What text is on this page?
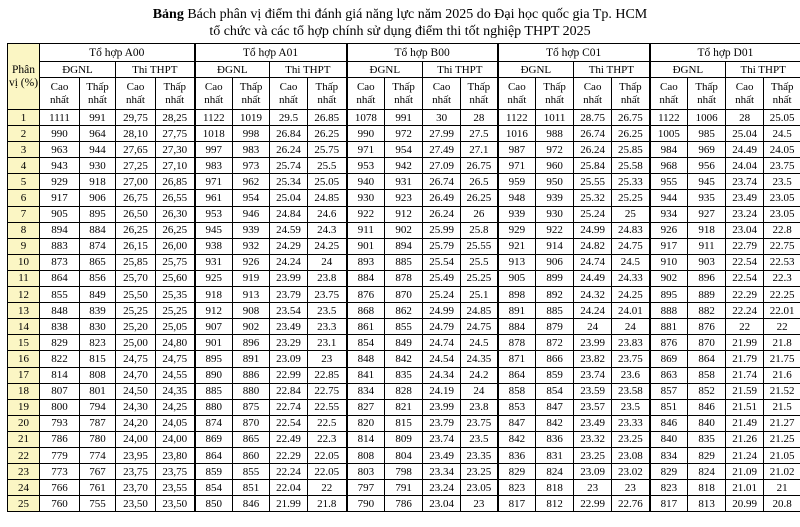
Bảng Bách phân vị điểm thi đánh giá năng lực năm 2025 do Đại học quốc gia Tp. HCM
tổ chức và các tổ hợp chính sử dụng điểm thi tốt nghiệp THPT 2025
Phân vị (%)	Tổ hợp A00				Tổ hợp A01				Tổ hợp B00				Tổ hợp C01				Tổ hợp D01			
	ĐGNL		Thi THPT		ĐGNL		Thi THPT		ĐGNL		Thi THPT		ĐGNL		Thi THPT		ĐGNL		Thi THPT	
	Cao nhất	Thấp nhất	Cao nhất	Thấp nhất	Cao nhất	Thấp nhất	Cao nhất	Thấp nhất	Cao nhất	Thấp nhất	Cao nhất	Thấp nhất	Cao nhất	Thấp nhất	Cao nhất	Thấp nhất	Cao nhất	Thấp nhất	Cao nhất	Thấp nhất
1	1111	991	29,75	28,25	1122	1019	29.5	26.85	1078	991	30	28	1122	1011	28.75	26.75	1122	1006	28	25.05
2	990	964	28,10	27,75	1018	998	26.84	26.25	990	972	27.99	27.5	1016	988	26.74	26.25	1005	985	25.04	24.5
3	963	944	27,65	27,30	997	983	26.24	25.75	971	954	27.49	27.1	987	972	26.24	25.85	984	969	24.49	24.05
4	943	930	27,25	27,10	983	973	25.74	25.5	953	942	27.09	26.75	971	960	25.84	25.58	968	956	24.04	23.75
5	929	918	27,00	26,85	971	962	25.34	25.05	940	931	26.74	26.5	959	950	25.55	25.33	955	945	23.74	23.5
6	917	906	26,75	26,55	961	954	25.04	24.85	930	923	26.49	26.25	948	939	25.32	25.25	944	935	23.49	23.05
7	905	895	26,50	26,30	953	946	24.84	24.6	922	912	26.24	26	939	930	25.24	25	934	927	23.24	23.05
8	894	884	26,25	26,25	945	939	24.59	24.3	911	902	25.99	25.8	929	922	24.99	24.83	926	918	23.04	22.8
9	883	874	26,15	26,00	938	932	24.29	24.25	901	894	25.79	25.55	921	914	24.82	24.75	917	911	22.79	22.75
10	873	865	25,85	25,75	931	926	24.24	24	893	885	25.54	25.5	913	906	24.74	24.5	910	903	22.54	22.53
11	864	856	25,70	25,60	925	919	23.99	23.8	884	878	25.49	25.25	905	899	24.49	24.33	902	896	22.54	22.3
12	855	849	25,50	25,35	918	913	23.79	23.75	876	870	25.24	25.1	898	892	24.32	24.25	895	889	22.29	22.25
13	848	839	25,25	25,25	912	908	23.54	23.5	868	862	24.99	24.85	891	885	24.24	24.01	888	882	22.24	22.01
14	838	830	25,20	25,05	907	902	23.49	23.3	861	855	24.79	24.75	884	879	24	24	881	876	22	22
15	829	823	25,00	24,80	901	896	23.29	23.1	854	849	24.74	24.5	878	872	23.99	23.83	876	870	21.99	21.8
16	822	815	24,75	24,75	895	891	23.09	23	848	842	24.54	24.35	871	866	23.82	23.75	869	864	21.79	21.75
17	814	808	24,70	24,55	890	886	22.99	22.85	841	835	24.34	24.2	864	859	23.74	23.6	863	858	21.74	21.6
18	807	801	24,50	24,35	885	880	22.84	22.75	834	828	24.19	24	858	854	23.59	23.58	857	852	21.59	21.52
19	800	794	24,30	24,25	880	875	22.74	22.55	827	821	23.99	23.8	853	847	23.57	23.5	851	846	21.51	21.5
20	793	787	24,20	24,05	874	870	22.54	22.5	820	815	23.79	23.75	847	842	23.49	23.33	846	840	21.49	21.27
21	786	780	24,00	24,00	869	865	22.49	22.3	814	809	23.74	23.5	842	836	23.32	23.25	840	835	21.26	21.25
22	779	774	23,95	23,80	864	860	22.29	22.05	808	804	23.49	23.35	836	831	23.25	23.08	834	829	21.24	21.05
23	773	767	23,75	23,75	859	855	22.24	22.05	803	798	23.34	23.25	829	824	23.09	23.02	829	824	21.09	21.02
24	766	761	23,70	23,55	854	851	22.04	22	797	791	23.24	23.05	823	818	23	23	823	818	21.01	21
25	760	755	23,50	23,50	850	846	21.99	21.8	790	786	23.04	23	817	812	22.99	22.76	817	813	20.99	20.8
